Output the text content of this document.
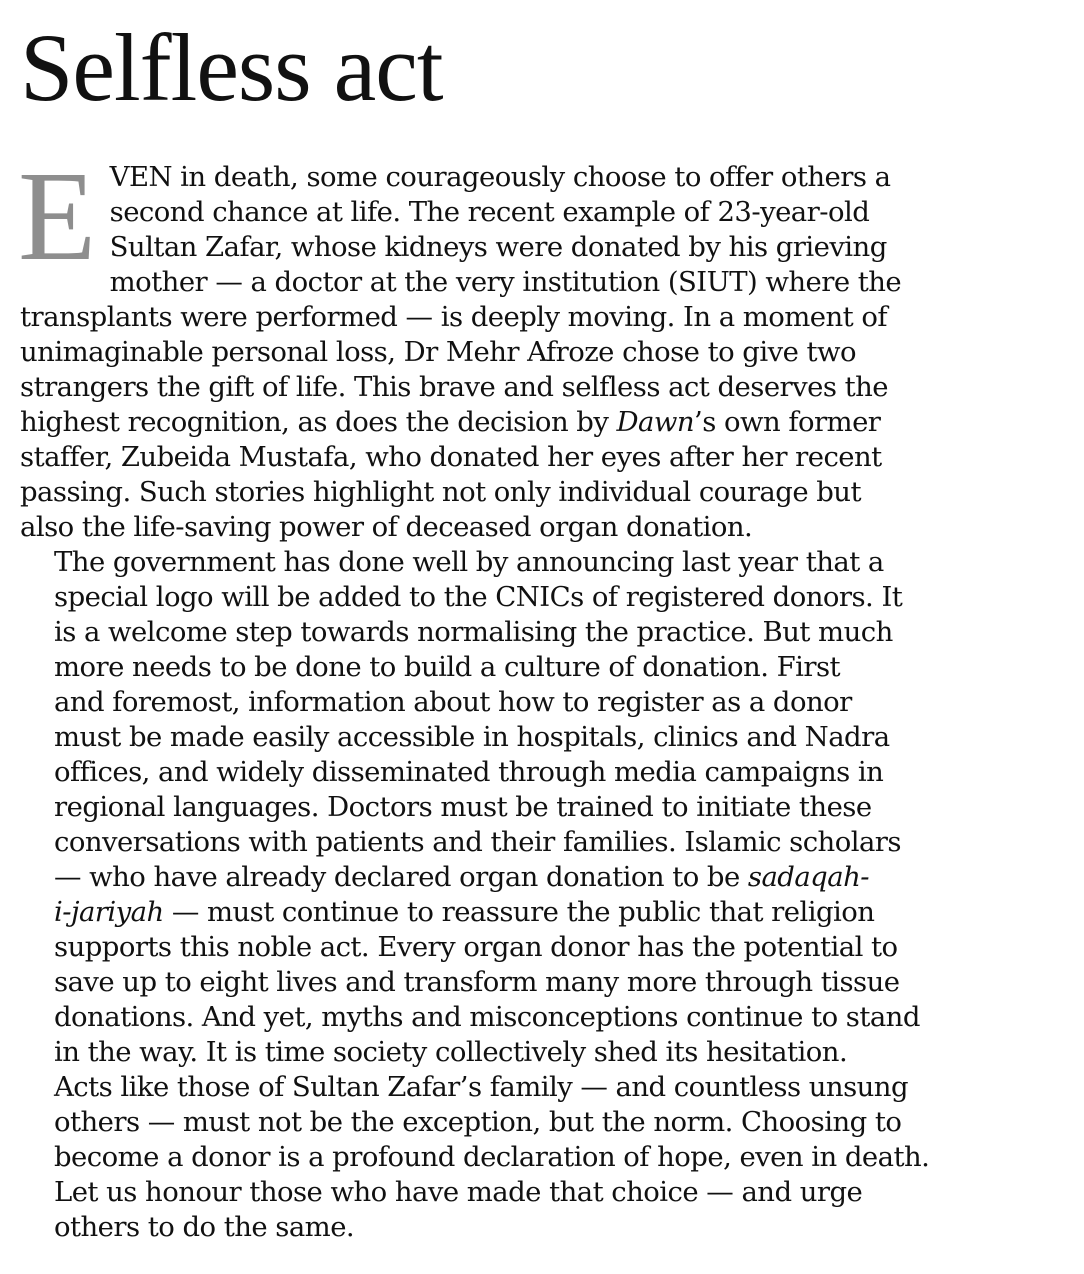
Selfless act

E VEN in death, some courageously choose to offer others a
second chance at life. The recent example of 23-year-old
Sultan Zafar, whose kidneys were donated by his grieving
mother — a doctor at the very institution (SIUT) where the
transplants were performed — is deeply moving. In a moment of
unimaginable personal loss, Dr Mehr Afroze chose to give two
strangers the gift of life. This brave and selfless act deserves the
highest recognition, as does the decision by Dawn’s own former
staffer, Zubeida Mustafa, who donated her eyes after her recent
passing. Such stories highlight not only individual courage but
also the life-saving power of deceased organ donation.

The government has done well by announcing last year that a
special logo will be added to the CNICs of registered donors. It
is a welcome step towards normalising the practice. But much
more needs to be done to build a culture of donation. First
and foremost, information about how to register as a donor
must be made easily accessible in hospitals, clinics and Nadra
offices, and widely disseminated through media campaigns in
regional languages. Doctors must be trained to initiate these
conversations with patients and their families. Islamic scholars
— who have already declared organ donation to be sadaqah-
i-jariyah — must continue to reassure the public that religion
supports this noble act. Every organ donor has the potential to
save up to eight lives and transform many more through tissue
donations. And yet, myths and misconceptions continue to stand
in the way. It is time society collectively shed its hesitation.
Acts like those of Sultan Zafar’s family — and countless unsung
others — must not be the exception, but the norm. Choosing to
become a donor is a profound declaration of hope, even in death.
Let us honour those who have made that choice — and urge
others to do the same.
